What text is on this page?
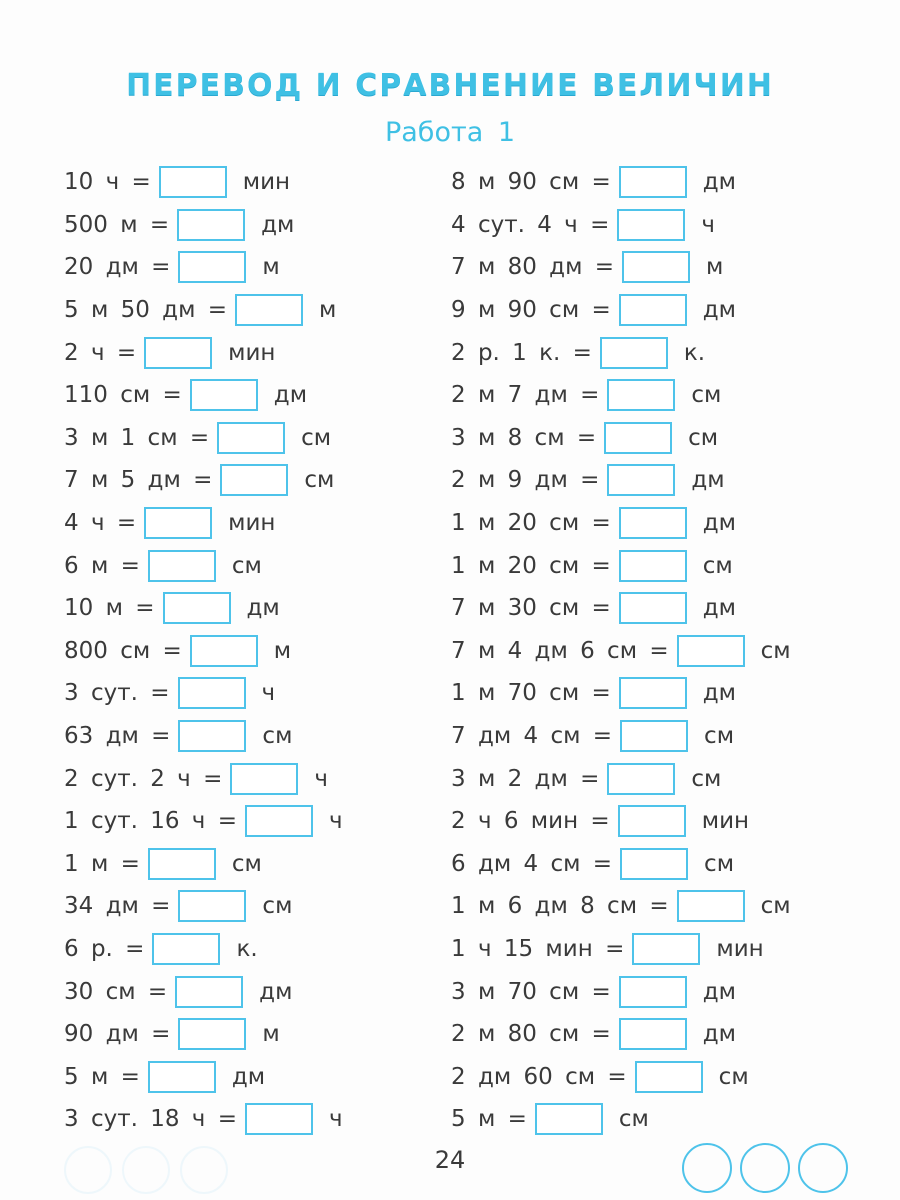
ПЕРЕВОД И СРАВНЕНИЕ ВЕЛИЧИН
Работа 1
10 ч =	мин
500 м =	дм
20 дм =	м
5 м 50 дм =	м
2 ч =	мин
110 см =	дм
3 м 1 см =	см
7 м 5 дм =	см
4 ч =	мин
6 м =	см
10 м =	дм
800 см =	м
3 сут. =	ч
63 дм =	см
2 сут. 2 ч =	ч
1 сут. 16 ч =	ч
1 м =	см
34 дм =	см
6 р. =	к.
30 см =	дм
90 дм =	м
5 м =	дм
3 сут. 18 ч =	ч
8 м 90 см =	дм
4 сут. 4 ч =	ч
7 м 80 дм =	м
9 м 90 см =	дм
2 р. 1 к. =	к.
2 м 7 дм =	см
3 м 8 см =	см
2 м 9 дм =	дм
1 м 20 см =	дм
1 м 20 см =	см
7 м 30 см =	дм
7 м 4 дм 6 см =	см
1 м 70 см =	дм
7 дм 4 см =	см
3 м 2 дм =	см
2 ч 6 мин =	мин
6 дм 4 см =	см
1 м 6 дм 8 см =	см
1 ч 15 мин =	мин
3 м 70 см =	дм
2 м 80 см =	дм
2 дм 60 см =	см
5 м =	см
24
